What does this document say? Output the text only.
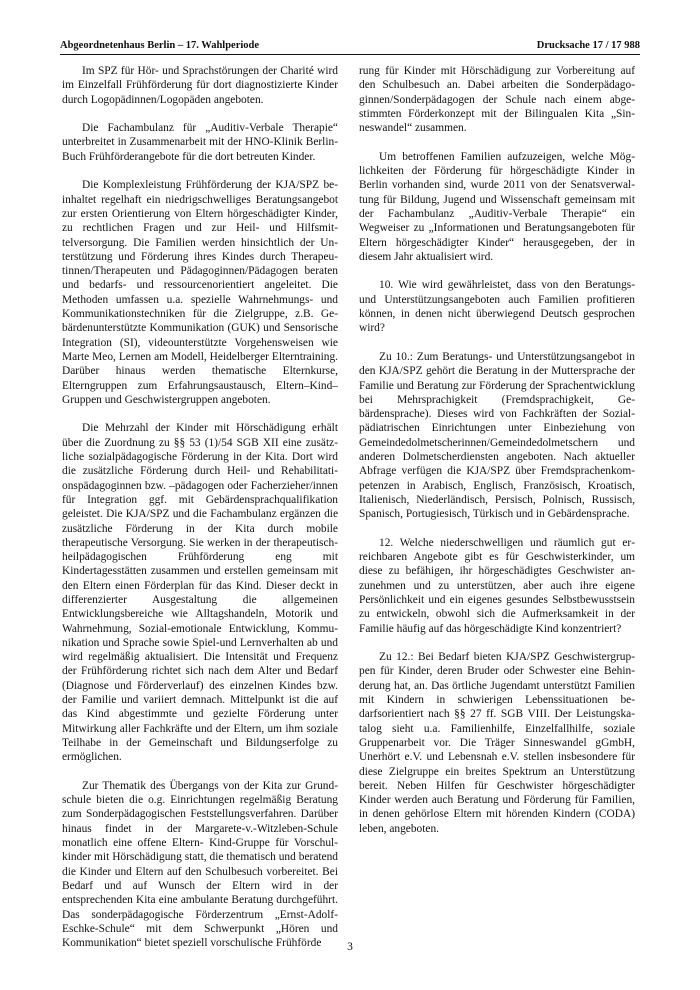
Abgeordnetenhaus Berlin – 17. Wahlperiode	Drucksache 17 / 17 988

Im SPZ für Hör- und Sprachstörungen der Charité wird im Einzelfall Frühförderung für dort diagnostizierte Kinder durch Logopädinnen/Logopäden angeboten.

Die Fachambulanz für „Auditiv-Verbale Therapie“ unterbreitet in Zusammenarbeit mit der HNO-Klinik Berlin-Buch Frühförderangebote für die dort betreuten Kinder.

Die Komplexleistung Frühförderung der KJA/SPZ beinhaltet regelhaft ein niedrigschwelliges Beratungsangebot zur ersten Orientierung von Eltern hörgeschädigter Kinder, zu rechtlichen Fragen und zur Heil- und Hilfsmittelversorgung. Die Familien werden hinsichtlich der Unterstützung und Förderung ihres Kindes durch Therapeutinnen/Therapeuten und Pädagoginnen/Pädagogen beraten und bedarfs- und ressourcenorientiert angeleitet. Die Methoden umfassen u.a. spezielle Wahrnehmungs- und Kommunikationstechniken für die Zielgruppe, z.B. Gebärdenunterstützte Kommunikation (GUK) und Sensorische Integration (SI), videounterstützte Vorgehensweisen wie Marte Meo, Lernen am Modell, Heidelberger Elterntraining. Darüber hinaus werden thematische Elternkurse, Elterngruppen zum Erfahrungsaustausch, Eltern–Kind–Gruppen und Geschwistergruppen angeboten.

Die Mehrzahl der Kinder mit Hörschädigung erhält über die Zuordnung zu §§ 53 (1)/54 SGB XII eine zusätzliche sozialpädagogische Förderung in der Kita. Dort wird die zusätzliche Förderung durch Heil- und Rehabilitationspädagoginnen bzw. –pädagogen oder Facherzieher/innen für Integration ggf. mit Gebärdensprachqualifikation geleistet. Die KJA/SPZ und die Fachambulanz ergänzen die zusätzliche Förderung in der Kita durch mobile therapeutische Versorgung. Sie werken in der therapeutisch-heilpädagogischen Frühförderung eng mit Kindertagesstätten zusammen und erstellen gemeinsam mit den Eltern einen Förderplan für das Kind. Dieser deckt in differenzierter Ausgestaltung die allgemeinen Entwicklungsbereiche wie Alltagshandeln, Motorik und Wahrnehmung, Sozial-emotionale Entwicklung, Kommunikation und Sprache sowie Spiel-und Lernverhalten ab und wird regelmäßig aktualisiert. Die Intensität und Frequenz der Frühförderung richtet sich nach dem Alter und Bedarf (Diagnose und Förderverlauf) des einzelnen Kindes bzw. der Familie und variiert demnach. Mittelpunkt ist die auf das Kind abgestimmte und gezielte Förderung unter Mitwirkung aller Fachkräfte und der Eltern, um ihm soziale Teilhabe in der Gemeinschaft und Bildungserfolge zu ermöglichen.

Zur Thematik des Übergangs von der Kita zur Grundschule bieten die o.g. Einrichtungen regelmäßig Beratung zum Sonderpädagogischen Feststellungsverfahren. Darüber hinaus findet in der Margarete-v.-Witzleben-Schule monatlich eine offene Eltern- Kind-Gruppe für Vorschulkinder mit Hörschädigung statt, die thematisch und beratend die Kinder und Eltern auf den Schulbesuch vorbereitet. Bei Bedarf und auf Wunsch der Eltern wird in der entsprechenden Kita eine ambulante Beratung durchgeführt. Das sonderpädagogische Förderzentrum „Ernst-Adolf-Eschke-Schule“ mit dem Schwerpunkt „Hören und Kommunikation“ bietet speziell vorschulische Frühförde

rung für Kinder mit Hörschädigung zur Vorbereitung auf den Schulbesuch an. Dabei arbeiten die Sonderpädagoginnen/Sonderpädagogen der Schule nach einem abgestimmten Förderkonzept mit der Bilingualen Kita „Sinneswandel“ zusammen.

Um betroffenen Familien aufzuzeigen, welche Möglichkeiten der Förderung für hörgeschädigte Kinder in Berlin vorhanden sind, wurde 2011 von der Senatsverwaltung für Bildung, Jugend und Wissenschaft gemeinsam mit der Fachambulanz „Auditiv-Verbale Therapie“ ein Wegweiser zu „Informationen und Beratungsangeboten für Eltern hörgeschädigter Kinder“ herausgegeben, der in diesem Jahr aktualisiert wird.

10. Wie wird gewährleistet, dass von den Beratungs- und Unterstützungsangeboten auch Familien profitieren können, in denen nicht überwiegend Deutsch gesprochen wird?

Zu 10.: Zum Beratungs- und Unterstützungsangebot in den KJA/SPZ gehört die Beratung in der Muttersprache der Familie und Beratung zur Förderung der Sprachentwicklung bei Mehrsprachigkeit (Fremdsprachigkeit, Gebärdensprache). Dieses wird von Fachkräften der Sozialpädiatrischen Einrichtungen unter Einbeziehung von Gemeindedolmetscherinnen/Gemeindedolmetschern und anderen Dolmetscherdiensten angeboten. Nach aktueller Abfrage verfügen die KJA/SPZ über Fremdsprachenkompetenzen in Arabisch, Englisch, Französisch, Kroatisch, Italienisch, Niederländisch, Persisch, Polnisch, Russisch, Spanisch, Portugiesisch, Türkisch und in Gebärdensprache.

12. Welche niederschwelligen und räumlich gut erreichbaren Angebote gibt es für Geschwisterkinder, um diese zu befähigen, ihr hörgeschädigtes Geschwister anzunehmen und zu unterstützen, aber auch ihre eigene Persönlichkeit und ein eigenes gesundes Selbstbewusstsein zu entwickeln, obwohl sich die Aufmerksamkeit in der Familie häufig auf das hörgeschädigte Kind konzentriert?

Zu 12.: Bei Bedarf bieten KJA/SPZ Geschwistergruppen für Kinder, deren Bruder oder Schwester eine Behinderung hat, an. Das örtliche Jugendamt unterstützt Familien mit Kindern in schwierigen Lebenssituationen bedarfsorientiert nach §§ 27 ff. SGB VIII. Der Leistungskatalog sieht u.a. Familienhilfe, Einzelfallhilfe, soziale Gruppenarbeit vor. Die Träger Sinneswandel gGmbH, Unerhört e.V. und Lebensnah e.V. stellen insbesondere für diese Zielgruppe ein breites Spektrum an Unterstützung bereit. Neben Hilfen für Geschwister hörgeschädigter Kinder werden auch Beratung und Förderung für Familien, in denen gehörlose Eltern mit hörenden Kindern (CODA) leben, angeboten.

3
